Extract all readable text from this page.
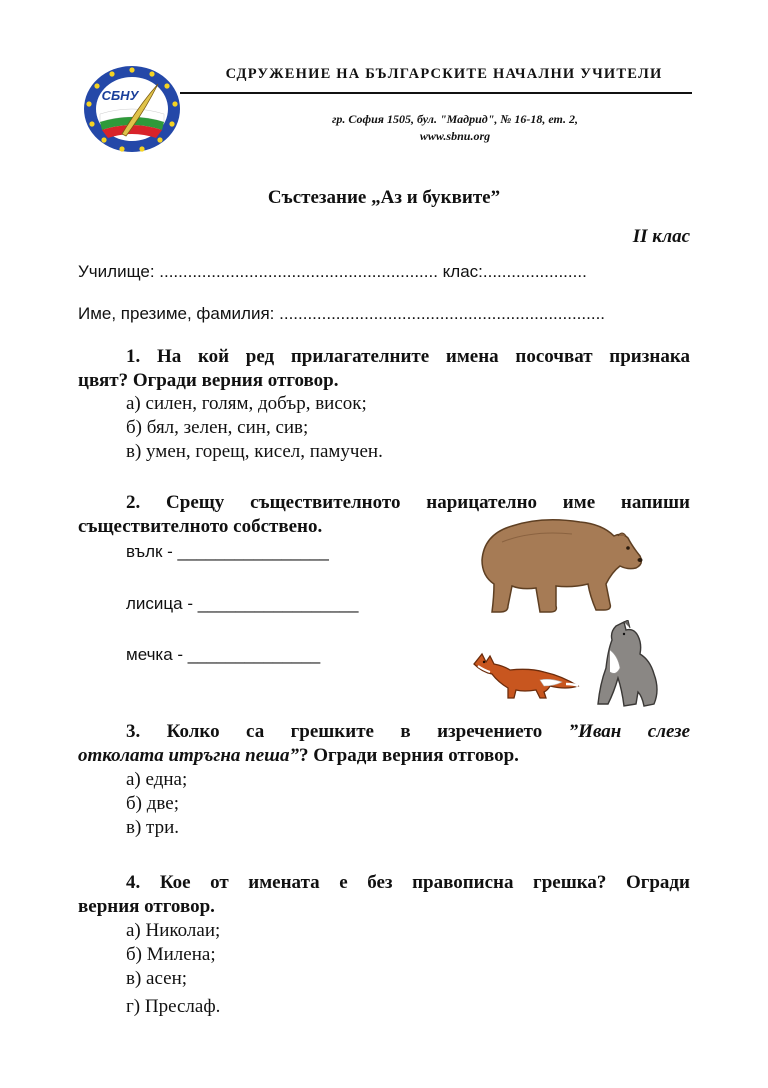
СБНУ
СДРУЖЕНИЕ НА БЪЛГАРСКИТЕ НАЧАЛНИ УЧИТЕЛИ
гр. София 1505, бул. "Мадрид", № 16-18, ет. 2,
www.sbnu.org
Състезание „Аз и буквите”
II клас
Училище: ........................................................... клас:......................
Име, презиме, фамилия: .....................................................................
1. На кой ред прилагателните имена посочват признака
цвят? Огради верния отговор.
а) силен, голям, добър, висок;
б) бял, зелен, син, сив;
в) умен, горещ, кисел, памучен.
2. Срещу съществителното нарицателно име напиши
съществителното собствено.
вълк - ________________
лисица - _________________
мечка - ______________
3. Колко са грешките в изречението ”Иван слезе
отколата итръгна пеша”? Огради верния отговор.
а) една;
б) две;
в) три.
4. Кое от имената е без правописна грешка? Огради
верния отговор.
а) Николаи;
б) Милена;
в) асен;
г) Преслаф.
